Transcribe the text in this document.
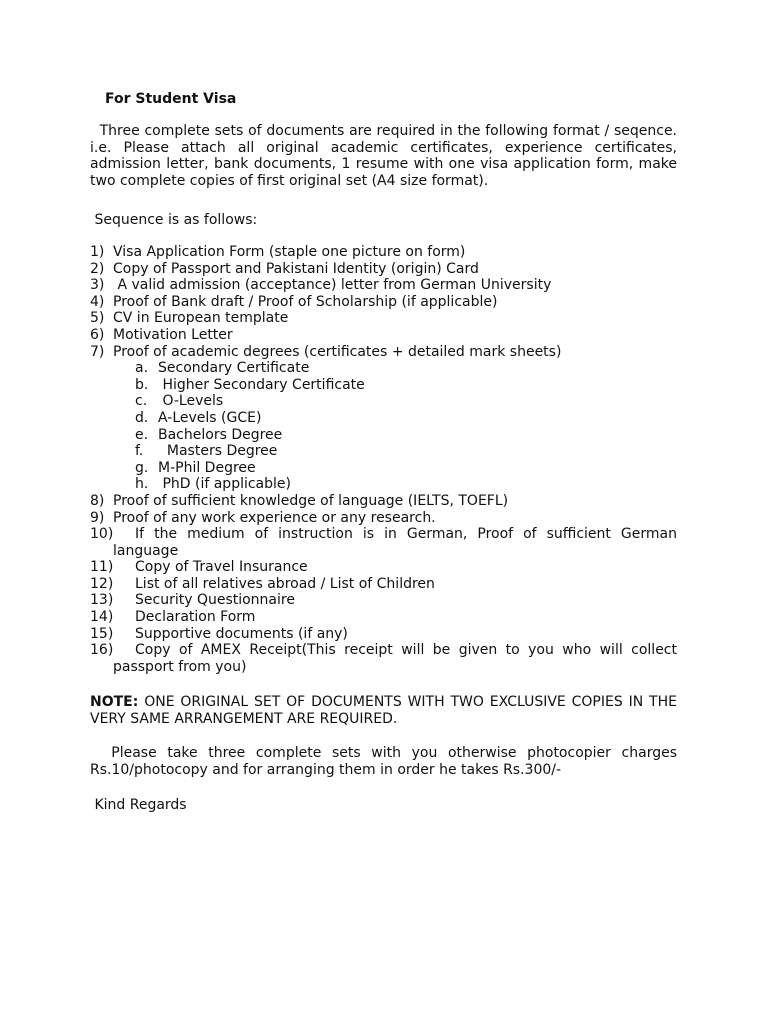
For Student Visa

Three complete sets of documents are required in the following format / seqence. i.e. Please attach all original academic certificates, experience certificates, admission letter, bank documents, 1 resume with one visa application form, make two complete copies of first original set (A4 size format).

Sequence is as follows:

1) Visa Application Form (staple one picture on form)
2) Copy of Passport and Pakistani Identity (origin) Card
3) A valid admission (acceptance) letter from German University
4) Proof of Bank draft / Proof of Scholarship (if applicable)
5) CV in European template
6) Motivation Letter
7) Proof of academic degrees (certificates + detailed mark sheets)
a. Secondary Certificate
b. Higher Secondary Certificate
c. O-Levels
d. A-Levels (GCE)
e. Bachelors Degree
f. Masters Degree
g. M-Phil Degree
h. PhD (if applicable)
8) Proof of sufficient knowledge of language (IELTS, TOEFL)
9) Proof of any work experience or any research.
10)	If the medium of instruction is in German, Proof of sufficient German language
11) Copy of Travel Insurance
12) List of all relatives abroad / List of Children
13) Security Questionnaire
14) Declaration Form
15) Supportive documents (if any)
16)	Copy of AMEX Receipt(This receipt will be given to you who will collect passport from you)

NOTE: ONE ORIGINAL SET OF DOCUMENTS WITH TWO EXCLUSIVE COPIES IN THE VERY SAME ARRANGEMENT ARE REQUIRED.

Please take three complete sets with you otherwise photocopier charges Rs.10/photocopy and for arranging them in order he takes Rs.300/-

Kind Regards
